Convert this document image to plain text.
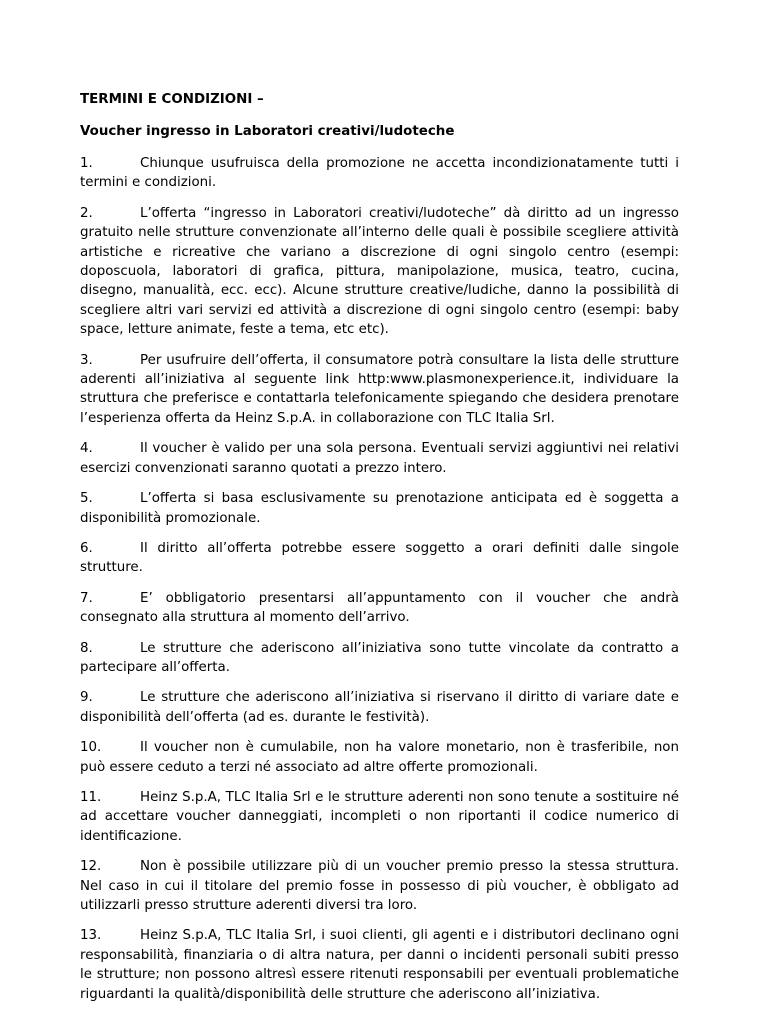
TERMINI E CONDIZIONI –

Voucher ingresso in Laboratori creativi/ludoteche

1.	Chiunque usufruisca della promozione ne accetta incondizionatamente tutti i termini e condizioni.

2.	L’offerta “ingresso in Laboratori creativi/ludoteche” dà diritto ad un ingresso gratuito nelle strutture convenzionate all’interno delle quali è possibile scegliere attività artistiche e ricreative che variano a discrezione di ogni singolo centro (esempi: doposcuola, laboratori di grafica, pittura, manipolazione, musica, teatro, cucina, disegno, manualità, ecc. ecc). Alcune strutture creative/ludiche, danno la possibilità di scegliere altri vari servizi ed attività a discrezione di ogni singolo centro (esempi: baby space, letture animate, feste a tema, etc etc).

3.	Per usufruire dell’offerta, il consumatore potrà consultare la lista delle strutture aderenti all’iniziativa al seguente link http:www.plasmonexperience.it, individuare la struttura che preferisce e contattarla telefonicamente spiegando che desidera prenotare l’esperienza offerta da Heinz S.p.A. in collaborazione con TLC Italia Srl.

4.	Il voucher è valido per una sola persona. Eventuali servizi aggiuntivi nei relativi esercizi convenzionati saranno quotati a prezzo intero.

5.	L’offerta si basa esclusivamente su prenotazione anticipata ed è soggetta a disponibilità promozionale.

6.	Il diritto all’offerta potrebbe essere soggetto a orari definiti dalle singole strutture.

7.	E’ obbligatorio presentarsi all’appuntamento con il voucher che andrà consegnato alla struttura al momento dell’arrivo.

8.	Le strutture che aderiscono all’iniziativa sono tutte vincolate da contratto a partecipare all’offerta.

9.	Le strutture che aderiscono all’iniziativa si riservano il diritto di variare date e disponibilità dell’offerta (ad es. durante le festività).

10.	Il voucher non è cumulabile, non ha valore monetario, non è trasferibile, non può essere ceduto a terzi né associato ad altre offerte promozionali.

11.	Heinz S.p.A, TLC Italia Srl e le strutture aderenti non sono tenute a sostituire né ad accettare voucher danneggiati, incompleti o non riportanti il codice numerico di identificazione.

12.	Non è possibile utilizzare più di un voucher premio presso la stessa struttura. Nel caso in cui il titolare del premio fosse in possesso di più voucher, è obbligato ad utilizzarli presso strutture aderenti diversi tra loro.

13.	Heinz S.p.A, TLC Italia Srl, i suoi clienti, gli agenti e i distributori declinano ogni responsabilità, finanziaria o di altra natura, per danni o incidenti personali subiti presso le strutture; non possono altresì essere ritenuti responsabili per eventuali problematiche riguardanti la qualità/disponibilità delle strutture che aderiscono all’iniziativa.
